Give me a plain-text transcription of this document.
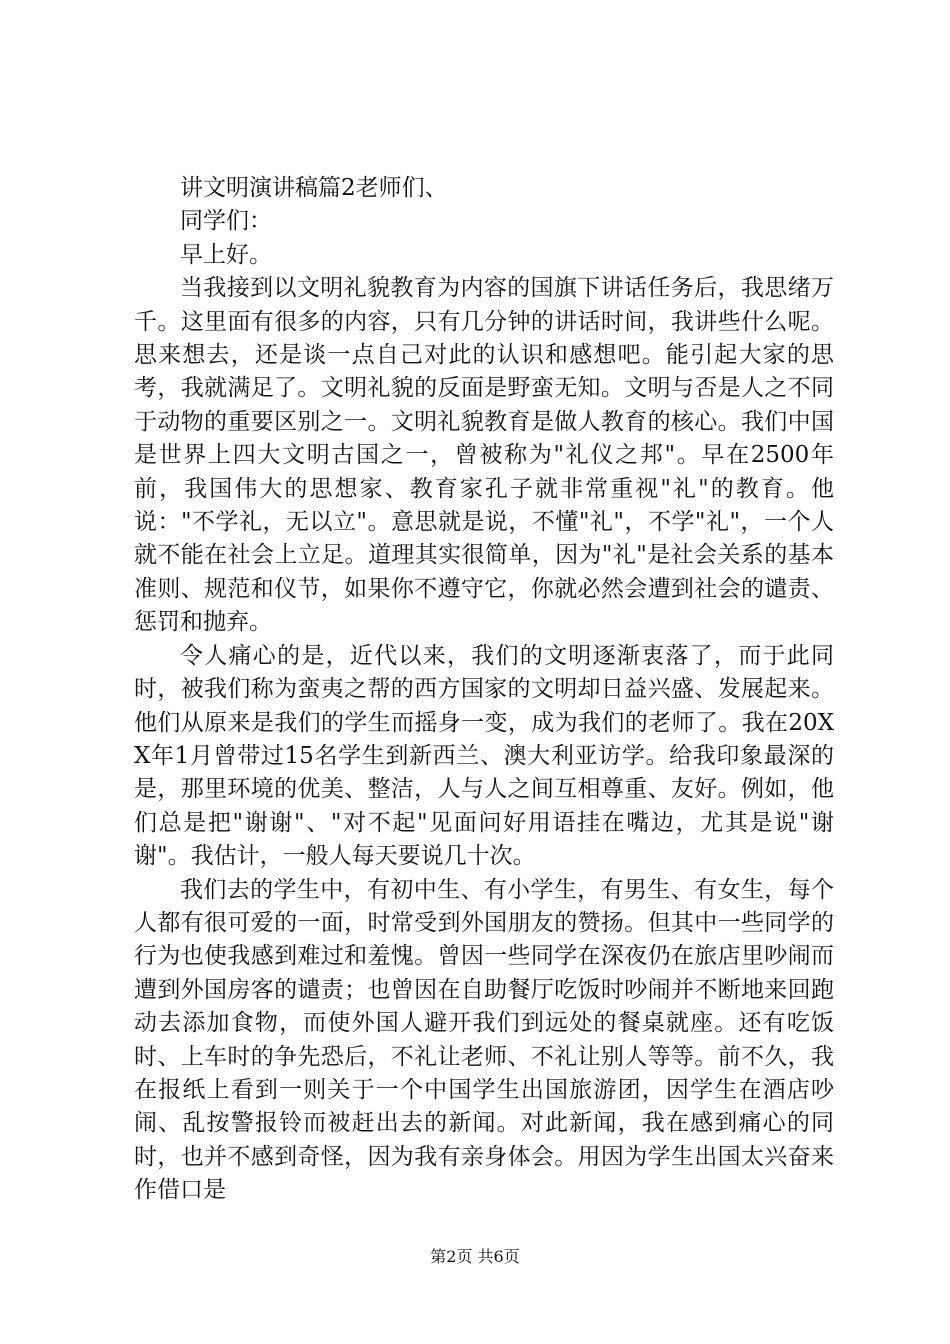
讲文明演讲稿篇2老师们、

同学们：

早上好。

当我接到以文明礼貌教育为内容的国旗下讲话任务后，我思绪万千。这里面有很多的内容，只有几分钟的讲话时间，我讲些什么呢。思来想去，还是谈一点自己对此的认识和感想吧。能引起大家的思考，我就满足了。文明礼貌的反面是野蛮无知。文明与否是人之不同于动物的重要区别之一。文明礼貌教育是做人教育的核心。我们中国是世界上四大文明古国之一，曾被称为"礼仪之邦"。早在2500年前，我国伟大的思想家、教育家孔子就非常重视"礼"的教育。他说："不学礼，无以立"。意思就是说，不懂"礼"，不学"礼"，一个人就不能在社会上立足。道理其实很简单，因为"礼"是社会关系的基本准则、规范和仪节，如果你不遵守它，你就必然会遭到社会的谴责、惩罚和抛弃。

令人痛心的是，近代以来，我们的文明逐渐衷落了，而于此同时，被我们称为蛮夷之帮的西方国家的文明却日益兴盛、发展起来。他们从原来是我们的学生而摇身一变，成为我们的老师了。我在20XX年1月曾带过15名学生到新西兰、澳大利亚访学。给我印象最深的是，那里环境的优美、整洁，人与人之间互相尊重、友好。例如，他们总是把"谢谢"、"对不起"见面问好用语挂在嘴边，尤其是说"谢谢"。我估计，一般人每天要说几十次。

我们去的学生中，有初中生、有小学生，有男生、有女生，每个人都有很可爱的一面，时常受到外国朋友的赞扬。但其中一些同学的行为也使我感到难过和羞愧。曾因一些同学在深夜仍在旅店里吵闹而遭到外国房客的谴责；也曾因在自助餐厅吃饭时吵闹并不断地来回跑动去添加食物，而使外国人避开我们到远处的餐桌就座。还有吃饭时、上车时的争先恐后，不礼让老师、不礼让别人等等。前不久，我在报纸上看到一则关于一个中国学生出国旅游团，因学生在酒店吵闹、乱按警报铃而被赶出去的新闻。对此新闻，我在感到痛心的同时，也并不感到奇怪，因为我有亲身体会。用因为学生出国太兴奋来作借口是

第2页 共6页
